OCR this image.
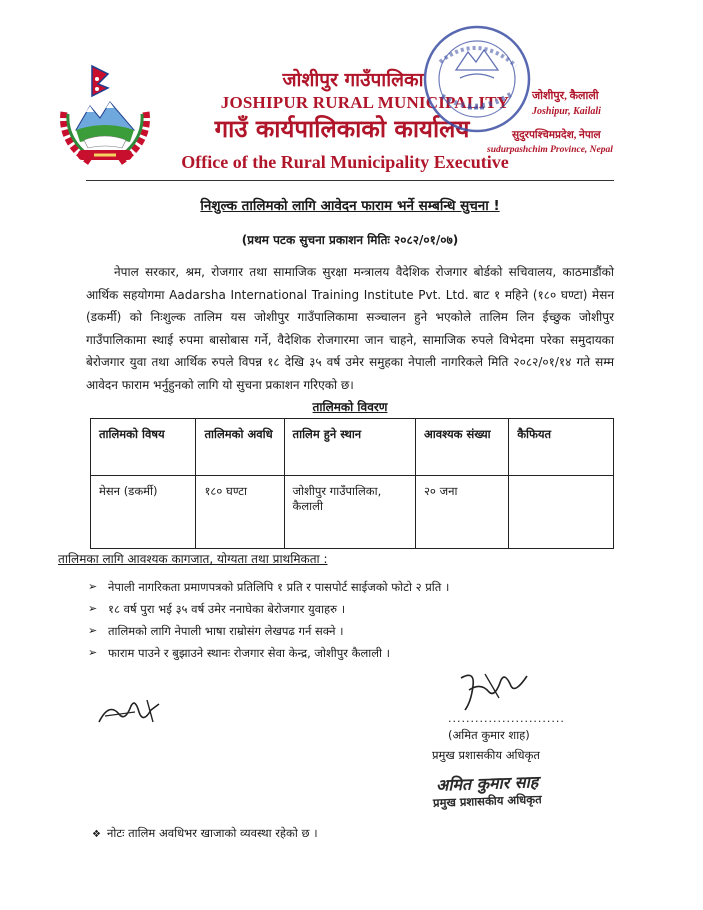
जोशीपुर गाउँपालिका
JOSHIPUR RURAL MUNICIPALITY
गाउँ कार्यपालिकाको कार्यालय
Office of the Rural Municipality Executive
जोशीपुर, कैलाली
Joshipur, Kailali
सुदुरपश्चिमप्रदेश, नेपाल
sudurpashchim Province, Nepal
निशुल्क तालिमको लागि आवेदन फाराम भर्ने सम्बन्धि सुचना !
(प्रथम पटक सुचना प्रकाशन मितिः २०८२/०१/०७)
नेपाल सरकार, श्रम, रोजगार तथा सामाजिक सुरक्षा मन्त्रालय वैदेशिक रोजगार बोर्डको सचिवालय, काठमाडौंको आर्थिक सहयोगमा Aadarsha International Training Institute Pvt. Ltd. बाट १ महिने (१८० घण्टा) मेसन (डकर्मी) को निःशुल्क तालिम यस जोशीपुर गाउँपालिकामा सञ्चालन हुने भएकोले तालिम लिन ईच्छुक जोशीपुर गाउँपालिकामा स्थाई रुपमा बासोबास गर्ने, वैदेशिक रोजगारमा जान चाहने, सामाजिक रुपले विभेदमा परेका समुदायका बेरोजगार युवा तथा आर्थिक रुपले विपन्न १८ देखि ३५ वर्ष उमेर समुहका नेपाली नागरिकले मिति २०८२/०१/१४ गते सम्म आवेदन फाराम भर्नुहुनको लागि यो सुचना प्रकाशन गरिएको छ।
तालिमको विवरण
तालिमको विषय	तालिमको अवधि	तालिम हुने स्थान	आवश्यक संख्या	कैफियत
मेसन (डकर्मी)	१८० घण्टा	जोशीपुर गाउँपालिका, कैलाली	२० जना	
तालिमका लागि आवश्यक कागजात, योग्यता तथा प्राथमिकता :
➢ नेपाली नागरिकता प्रमाणपत्रको प्रतिलिपि १ प्रति र पासपोर्ट साईजको फोटो २ प्रति ।
➢ १८ वर्ष पुरा भई ३५ वर्ष उमेर ननाघेका बेरोजगार युवाहरु ।
➢ तालिमको लागि नेपाली भाषा राम्रोसंग लेखपढ गर्न सक्ने ।
➢ फाराम पाउने र बुझाउने स्थानः रोजगार सेवा केन्द्र, जोशीपुर कैलाली ।
..........................
(अमित कुमार शाह)
प्रमुख प्रशासकीय अधिकृत
अमित कुमार साह
प्रमुख प्रशासकीय अधिकृत
❖ नोटः तालिम अवधिभर खाजाको व्यवस्था रहेको छ ।
